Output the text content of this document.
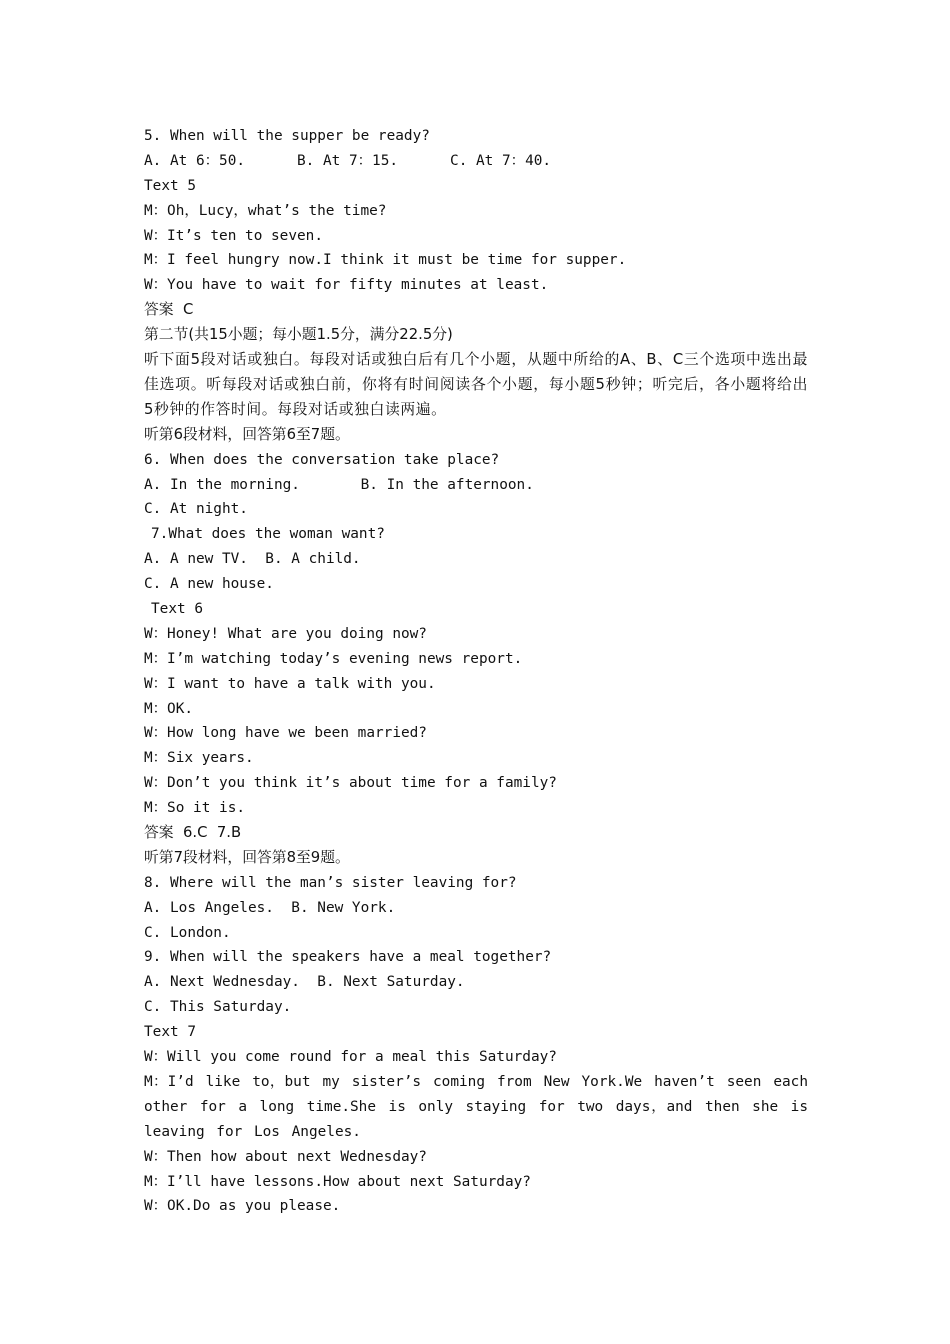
5. When will the supper be ready?
A. At 6：50.      B. At 7：15.      C. At 7：40.
Text 5
M：Oh，Lucy，what’s the time?
W：It’s ten to seven.
M：I feel hungry now.I think it must be time for supper.
W：You have to wait for fifty minutes at least.
答案  C
第二节(共15小题；每小题1.5分，满分22.5分)
听下面5段对话或独白。每段对话或独白后有几个小题，从题中所给的A、B、C三个选项中选出最佳选项。听每段对话或独白前，你将有时间阅读各个小题，每小题5秒钟；听完后，各小题将给出5秒钟的作答时间。每段对话或独白读两遍。
听第6段材料，回答第6至7题。
6. When does the conversation take place?
A. In the morning.       B. In the afternoon.
C. At night.
7.What does the woman want?
A. A new TV.  B. A child.
C. A new house.
Text 6
W：Honey! What are you doing now?
M：I’m watching today’s evening news report.
W：I want to have a talk with you.
M：OK.
W：How long have we been married?
M：Six years.
W：Don’t you think it’s about time for a family?
M：So it is.
答案  6.C  7.B
听第7段材料，回答第8至9题。
8. Where will the man’s sister leaving for?
A. Los Angeles.  B. New York.
C. London.
9. When will the speakers have a meal together?
A. Next Wednesday.  B. Next Saturday.
C. This Saturday.
Text 7
W：Will you come round for a meal this Saturday?
M：I’d like to，but my sister’s coming from New York.We haven’t seen each other for a long time.She is only staying for two days，and then she is leaving for Los Angeles.
W：Then how about next Wednesday?
M：I’ll have lessons.How about next Saturday?
W：OK.Do as you please.
